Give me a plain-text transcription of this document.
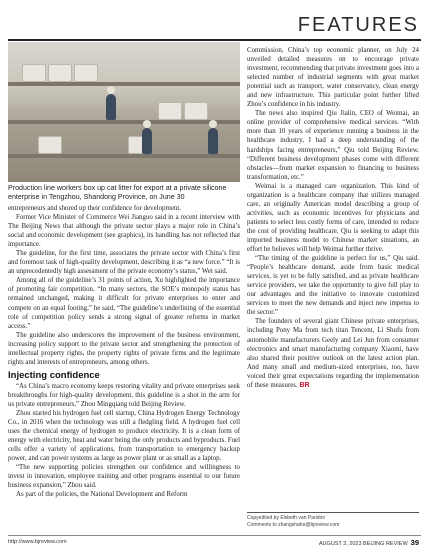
FEATURES
Production line workers box up cat litter for export at a private silicone enterprise in Tengzhou, Shandong Province, on June 30

entrepreneurs and shored up their confidence for development.

Former Vice Minister of Commerce Wei Jianguo said in a recent interview with The Beijing News that although the private sector plays a major role in China’s social and economic development (see graphics), its handling has not reflected that importance.

The guideline, for the first time, associates the private sector with China’s first and foremost task of high-quality development, describing it as “a new force.” “It is an unprecedentedly high assessment of the private economy’s status,” Wei said.

Among all of the guideline’s 31 points of action, Xu highlighted the importance of promoting fair competition. “In many sectors, the SOE’s monopoly status has remained unchanged, making it difficult for private enterprises to enter and compete on an equal footing,” he said, “The guideline’s underlining of the essential role of competition policy sends a strong signal of greater reforms in market access.”

The guideline also underscores the improvement of the business environment, increasing policy support to the private sector and strengthening the protection of intellectual property rights, the property rights of private firms and the legitimate rights and interests of entrepreneurs, among others.

Injecting confidence

“As China’s macro economy keeps restoring vitality and private enterprises seek breakthroughs for high-quality development, this guideline is a shot in the arm for us private entrepreneurs,” Zhou Mingqiang told Beijing Review.

Zhou started his hydrogen fuel cell startup, China Hydrogen Energy Technology Co., in 2016 when the technology was still a fledgling field. A hydrogen fuel cell uses the chemical energy of hydrogen to produce electricity. It is a clean form of energy with electricity, heat and water being the only products and byproducts. Fuel cells offer a variety of applications, from transportation to emergency backup power, and can power systems as large as power plant or as small as a laptop.

“The new supporting policies strengthen our confidence and willingness to invest in innovation, employee training and other programs essential to our future business expansion,” Zhou said.

As part of the policies, the National Development and Reform

Commission, China’s top economic planner, on July 24 unveiled detailed measures on to encourage private investment, recommending that private investment goes into a selected number of industrial segments with great market potential such as transport, water conservancy, clean energy and new infrastructure. This particular point further lifted Zhou’s confidence in his industry.

The news also inspired Qiu Jialin, CEO of Weimai, an online provider of comprehensive medical services. “With more than 10 years of experience running a business in the healthcare industry, I had a deep understanding of the hardships facing entrepreneurs,” Qiu told Beijing Review. “Different business development phases come with different obstacles—from market expansion to financing to business transformation, etc.”

Weimai is a managed care organization. This kind of organization is a healthcare company that utilizes managed care, an originally American model describing a group of activities, such as economic incentives for physicians and patients to select less costly forms of care, intended to reduce the cost of providing healthcare. Qiu is seeking to adapt this imported business model to Chinese market situations, an effort he believes will help Weimai further thrive.

“The timing of the guideline is perfect for us,” Qiu said. “People’s healthcare demand, aside from basic medical services, is yet to be fully satisfied, and as private healthcare service providers, we take the opportunity to give full play to our advantages and the initiative to innovate customized services to meet the new demands and inject new impetus to the sector.”

The founders of several giant Chinese private enterprises, including Pony Ma from tech titan Tencent, Li Shufu from automobile manufacturers Geely and Lei Jun from consumer electronics and smart manufacturing company Xiaomi, have also shared their positive outlook on the latest action plan. And many small and medium-sized enterprises, too, have voiced their great expectations regarding the implementation of these measures. BR

Copyedited by Elsbeth van Paridon
Comments to zhangshaho@bjreview.com
http://www.bjreview.com	AUGUST 3, 2023 BEIJING REVIEW 39
